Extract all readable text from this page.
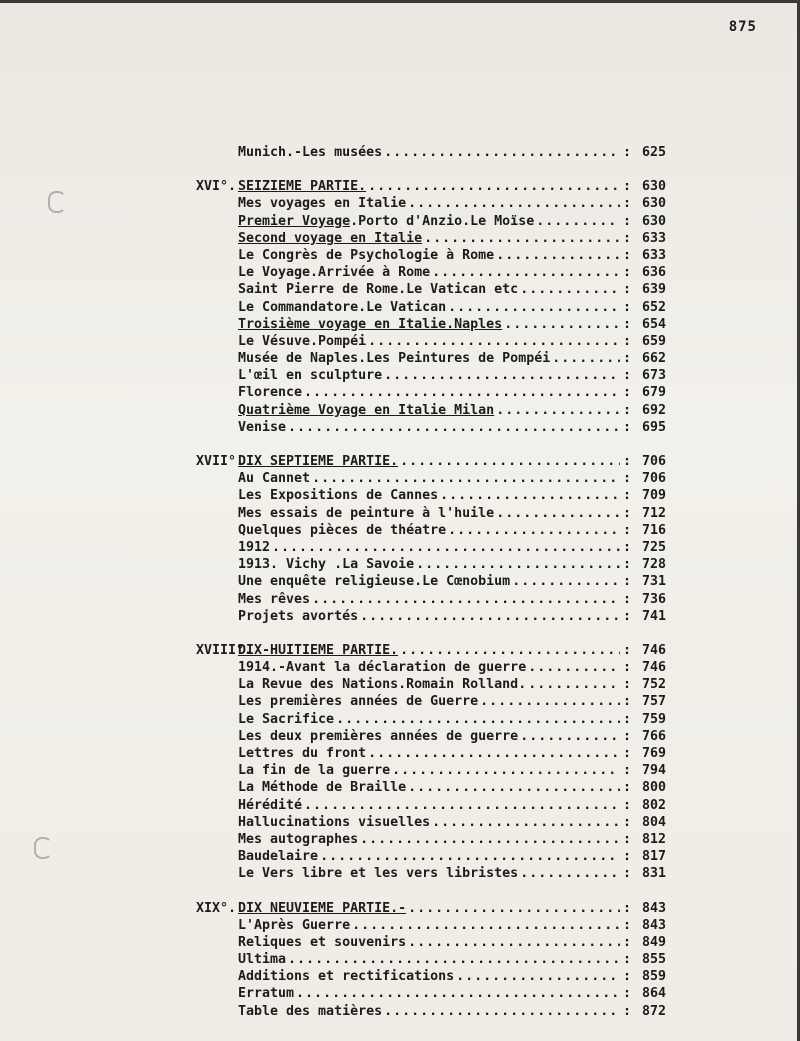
875
Munich.-Les musées .....	: 625
XVI°. SEIZIEME PARTIE. .....	: 630
Mes voyages en Italie .....	: 630
Premier Voyage.Porto d'Anzio.Le Moïse .....	: 630
Second voyage en Italie .....	: 633
Le Congrès de Psychologie à Rome .....	: 633
Le Voyage.Arrivée à Rome .....	: 636
Saint Pierre de Rome.Le Vatican etc .....	: 639
Le Commandatore.Le Vatican .....	: 652
Troisième voyage en Italie.Naples .....	: 654
Le Vésuve.Pompéi .....	: 659
Musée de Naples.Les Peintures de Pompéi .....	: 662
L'œil en sculpture .....	: 673
Florence .....	: 679
Quatrième Voyage en Italie Milan .....	: 692
Venise .....	: 695
XVII°.
DIX SEPTIEME PARTIE. .....	: 706
Au Cannet .....	: 706
Les Expositions de Cannes .....	: 709
Mes essais de peinture à l'huile .....	: 712
Quelques pièces de théatre .....	: 716
1912 .....	: 725
1913. Vichy .La Savoie .....	: 728
Une enquête religieuse.Le Cœnobium .....	: 731
Mes rêves .....	: 736
Projets avortés .....	: 741
XVIII°.
DIX-HUITIEME PARTIE. .....	: 746
1914.-Avant la déclaration de guerre .....	: 746
La Revue des Nations.Romain Rolland. .....	: 752
Les premières années de Guerre .....	: 757
Le Sacrifice .....	: 759
Les deux premières années de guerre .....	: 766
Lettres du front .....	: 769
La fin de la guerre .....	: 794
La Méthode de Braille .....	: 800
Hérédité .....	: 802
Hallucinations visuelles .....	: 804
Mes autographes .....	: 812
Baudelaire .....	: 817
Le Vers libre et les vers libristes .....	: 831
XIX°. DIX NEUVIEME PARTIE.- .....	: 843
L'Après Guerre .....	: 843
Reliques et souvenirs .....	: 849
Ultima .....	: 855
Additions et rectifications .....	: 859
Erratum .....	: 864
Table des matières .....	: 872
